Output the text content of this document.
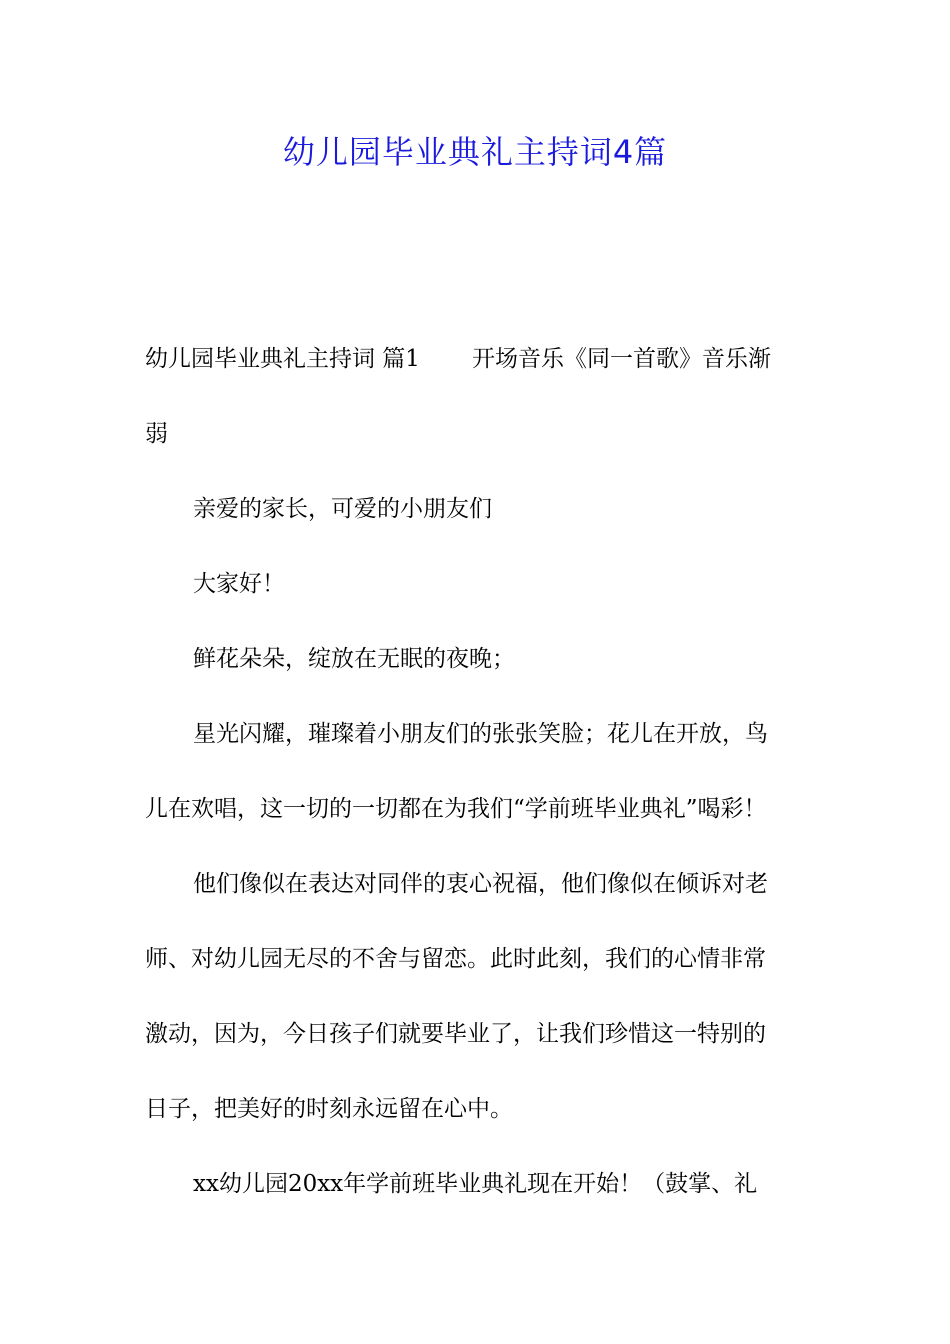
幼儿园毕业典礼主持词4篇
幼儿园毕业典礼主持词 篇1 开场音乐《同一首歌》音乐渐
弱
亲爱的家长，可爱的小朋友们
大家好！
鲜花朵朵，绽放在无眠的夜晚；
星光闪耀，璀璨着小朋友们的张张笑脸；花儿在开放，鸟
儿在欢唱，这一切的一切都在为我们“学前班毕业典礼”喝彩！
他们像似在表达对同伴的衷心祝福，他们像似在倾诉对老
师、对幼儿园无尽的不舍与留恋。此时此刻，我们的心情非常
激动，因为，今日孩子们就要毕业了，让我们珍惜这一特别的
日子，把美好的时刻永远留在心中。
xx幼儿园20xx年学前班毕业典礼现在开始！（鼓掌、礼
